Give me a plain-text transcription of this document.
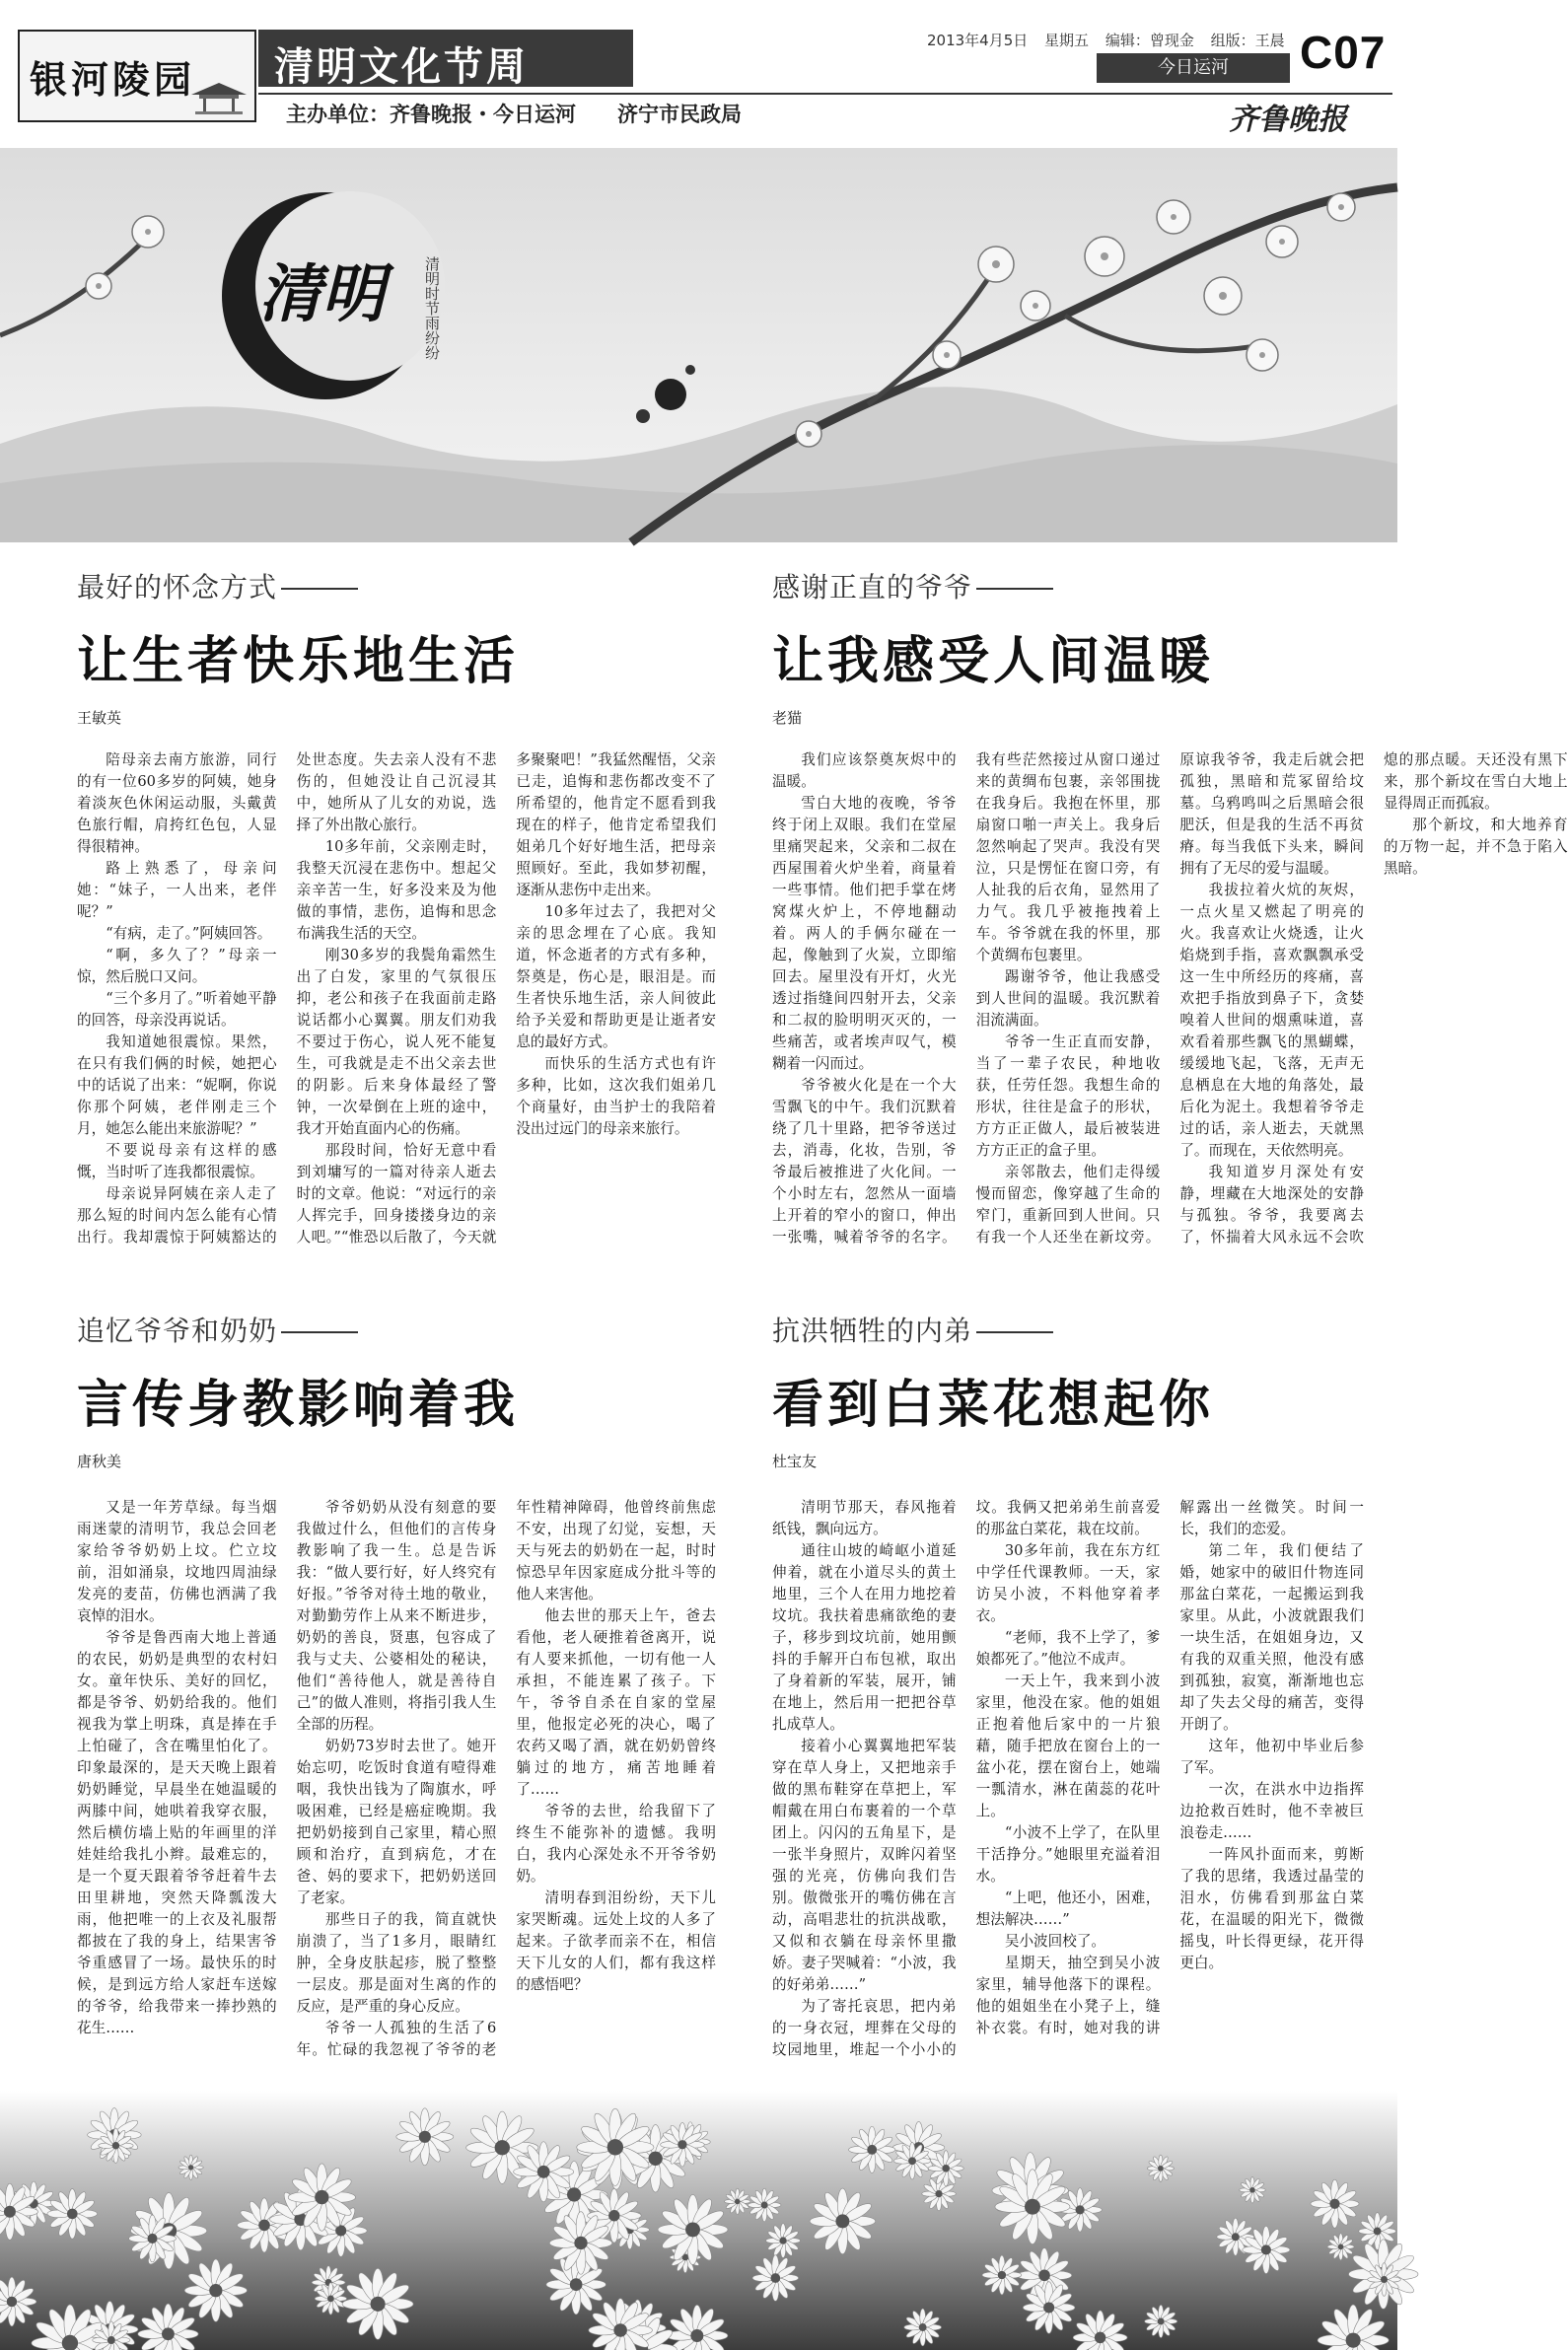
银河陵园 清明文化节周
主办单位：齐鲁晚报・今日运河　　济宁市民政局
2013年4月5日 星期五 编辑：曾现金 组版：王晨
今日运河	C07
齐鲁晚报
清明	清明时节雨纷纷
最好的怀念方式
让生者快乐地生活
王敏英

陪母亲去南方旅游，同行的有一位60多岁的阿姨，她身着淡灰色休闲运动服，头戴黄色旅行帽，肩挎红色包，人显得很精神。

路上熟悉了，母亲问她：“妹子，一人出来，老伴呢？”

“有病，走了。”阿姨回答。

“啊，多久了？”母亲一惊，然后脱口又问。

“三个多月了。”听着她平静的回答，母亲没再说话。

我知道她很震惊。果然，在只有我们俩的时候，她把心中的话说了出来：“妮啊，你说你那个阿姨，老伴刚走三个月，她怎么能出来旅游呢？”

不要说母亲有这样的感慨，当时听了连我都很震惊。

母亲说异阿姨在亲人走了那么短的时间内怎么能有心情出行。我却震惊于阿姨豁达的处世态度。失去亲人没有不悲伤的，但她没让自己沉浸其中，她所从了儿女的劝说，选择了外出散心旅行。

10多年前，父亲刚走时，我整天沉浸在悲伤中。想起父亲辛苦一生，好多没来及为他做的事情，悲伤，追悔和思念布满我生活的天空。

刚30多岁的我鬓角霜然生出了白发，家里的气氛很压抑，老公和孩子在我面前走路说话都小心翼翼。朋友们劝我不要过于伤心，说人死不能复生，可我就是走不出父亲去世的阴影。后来身体最经了警钟，一次晕倒在上班的途中，我才开始直面内心的伤痛。

那段时间，恰好无意中看到刘墉写的一篇对待亲人逝去时的文章。他说：“对远行的亲人挥完手，回身搂搂身边的亲人吧。”“惟恐以后散了，今天就多聚聚吧！”我猛然醒悟，父亲已走，追悔和悲伤都改变不了所希望的，他肯定不愿看到我现在的样子，他肯定希望我们姐弟几个好好地生活，把母亲照顾好。至此，我如梦初醒，逐渐从悲伤中走出来。

10多年过去了，我把对父亲的思念埋在了心底。我知道，怀念逝者的方式有多种，祭奠是，伤心是，眼泪是。而生者快乐地生活，亲人间彼此给予关爱和帮助更是让逝者安息的最好方式。

而快乐的生活方式也有许多种，比如，这次我们姐弟几个商量好，由当护士的我陪着没出过远门的母亲来旅行。

感谢正直的爷爷
让我感受人间温暖
老猫

我们应该祭奠灰烬中的温暖。

雪白大地的夜晚，爷爷终于闭上双眼。我们在堂屋里痛哭起来，父亲和二叔在西屋围着火炉坐着，商量着一些事情。他们把手掌在烤窝煤火炉上，不停地翻动着。两人的手俩尔碰在一起，像触到了火炭，立即缩回去。屋里没有开灯，火光透过指缝间四射开去，父亲和二叔的脸明明灭灭的，一些痛苦，或者埃声叹气，模糊着一闪而过。

爷爷被火化是在一个大雪飘飞的中午。我们沉默着绕了几十里路，把爷爷送过去，消毒，化妆，告别，爷爷最后被推进了火化间。一个小时左右，忽然从一面墙上开着的窄小的窗口，伸出一张嘴，喊着爷爷的名字。我有些茫然接过从窗口递过来的黄绸布包裹，亲邻围拢在我身后。我抱在怀里，那扇窗口啪一声关上。我身后忽然响起了哭声。我没有哭泣，只是愣怔在窗口旁，有人扯我的后衣角，显然用了力气。我几乎被拖拽着上车。爷爷就在我的怀里，那个黄绸布包裹里。

踢谢爷爷，他让我感受到人世间的温暖。我沉默着泪流满面。

爷爷一生正直而安静，当了一辈子农民，种地收获，任劳任怨。我想生命的形状，往往是盒子的形状，方方正正做人，最后被装进方方正正的盒子里。

亲邻散去，他们走得缓慢而留恋，像穿越了生命的窄门，重新回到人世间。只有我一个人还坐在新坟旁。原谅我爷爷，我走后就会把孤独，黑暗和荒冢留给坟墓。乌鸦鸣叫之后黑暗会很肥沃，但是我的生活不再贫瘠。每当我低下头来，瞬间拥有了无尽的爱与温暖。

我拔拉着火炕的灰烬，一点火星又燃起了明亮的火。我喜欢让火烧透，让火焰烧到手指，喜欢飘飘承受这一生中所经历的疼痛，喜欢把手指放到鼻子下，贪婪嗅着人世间的烟熏味道，喜欢看着那些飘飞的黑蝴蝶，缓缓地飞起，飞落，无声无息栖息在大地的角落处，最后化为泥土。我想着爷爷走过的话，亲人逝去，天就黑了。而现在，天依然明亮。

我知道岁月深处有安静，埋藏在大地深处的安静与孤独。爷爷，我要离去了，怀揣着大风永远不会吹熄的那点暖。天还没有黑下来，那个新坟在雪白大地上显得周正而孤寂。

那个新坟，和大地养育的万物一起，并不急于陷入黑暗。

追忆爷爷和奶奶
言传身教影响着我
唐秋美

又是一年芳草绿。每当烟雨迷蒙的清明节，我总会回老家给爷爷奶奶上坟。伫立坟前，泪如涌泉，坟地四周油绿发亮的麦苗，仿佛也洒满了我哀悼的泪水。

爷爷是鲁西南大地上普通的农民，奶奶是典型的农村妇女。童年快乐、美好的回忆，都是爷爷、奶奶给我的。他们视我为掌上明珠，真是捧在手上怕碰了，含在嘴里怕化了。印象最深的，是天天晚上跟着奶奶睡觉，早晨坐在她温暖的两膝中间，她哄着我穿衣服，然后横仿墙上贴的年画里的洋娃娃给我扎小辫。最难忘的，是一个夏天跟着爷爷赶着牛去田里耕地，突然天降瓢泼大雨，他把唯一的上衣及礼服帮都披在了我的身上，结果害爷爷重感冒了一场。最快乐的时候，是到远方给人家赶车送嫁的爷爷，给我带来一捧抄熟的花生……

爷爷奶奶从没有刻意的要我做过什么，但他们的言传身教影响了我一生。总是告诉我：“做人要行好，好人终究有好报。”爷爷对待土地的敬业，对勤勤劳作上从来不断进步，奶奶的善良，贤惠，包容成了我与丈夫、公婆相处的秘诀，他们“善待他人，就是善待自己”的做人准则，将指引我人生全部的历程。

奶奶73岁时去世了。她开始忘叨，吃饭时食道有噎得难咽，我快出钱为了陶旗水，呼吸困难，已经是癌症晚期。我把奶奶接到自己家里，精心照顾和治疗，直到病危，才在爸、妈的要求下，把奶奶送回了老家。

那些日子的我，简直就快崩溃了，当了1多月，眼睛红肿，全身皮肤起疹，脱了整整一层皮。那是面对生离的作的反应，是严重的身心反应。

爷爷一人孤独的生活了6年。忙碌的我忽视了爷爷的老年性精神障碍，他曾终前焦虑不安，出现了幻觉，妄想，天天与死去的奶奶在一起，时时惊恐早年因家庭成分批斗等的他人来害他。

他去世的那天上午，爸去看他，老人硬推着爸离开，说有人要来抓他，一切有他一人承担，不能连累了孩子。下午，爷爷自杀在自家的堂屋里，他报定必死的决心，喝了农药又喝了酒，就在奶奶曾终躺过的地方，痛苦地睡着了……

爷爷的去世，给我留下了终生不能弥补的遗憾。我明白，我内心深处永不开爷爷奶奶。

清明春到泪纷纷，天下儿家哭断魂。远处上坟的人多了起来。子欲孝而亲不在，相信天下儿女的人们，都有我这样的感悟吧？

抗洪牺牲的内弟
看到白菜花想起你
杜宝友

清明节那天，春风拖着纸钱，飘向远方。

通往山坡的崎岖小道延伸着，就在小道尽头的黄土地里，三个人在用力地挖着坟坑。我扶着患痛欲绝的妻子，移步到坟坑前，她用颤抖的手解开白布包袱，取出了身着新的军装，展开，铺在地上，然后用一把把谷草扎成草人。

接着小心翼翼地把军装穿在草人身上，又把地亲手做的黑布鞋穿在草把上，军帽戴在用白布裹着的一个草团上。闪闪的五角星下，是一张半身照片，双眸闪着坚强的光亮，仿佛向我们告别。傲微张开的嘴仿佛在言动，高唱悲壮的抗洪战歌，又似和衣躺在母亲怀里撒娇。妻子哭喊着：“小波，我的好弟弟……”

为了寄托哀思，把内弟的一身衣冠，埋葬在父母的坟园地里，堆起一个小小的坟。我俩又把弟弟生前喜爱的那盆白菜花，栽在坟前。

30多年前，我在东方红中学任代课教师。一天，家访吴小波，不料他穿着孝衣。

“老师，我不上学了，爹娘都死了。”他泣不成声。

一天上午，我来到小波家里，他没在家。他的姐姐正抱着他后家中的一片狼藉，随手把放在窗台上的一盆小花，摆在窗台上，她端一瓢清水，淋在菌蕊的花叶上。

“小波不上学了，在队里干活挣分。”她眼里充溢着泪水。

“上吧，他还小，困难，想法解决……”

吴小波回校了。

星期天，抽空到吴小波家里，辅导他落下的课程。他的姐姐坐在小凳子上，缝补衣裳。有时，她对我的讲解露出一丝微笑。时间一长，我们的恋爱。

第二年，我们便结了婚，她家中的破旧什物连同那盆白菜花，一起搬运到我家里。从此，小波就跟我们一块生活，在姐姐身边，又有我的双重关照，他没有感到孤独，寂寞，渐渐地也忘却了失去父母的痛苦，变得开朗了。

这年，他初中毕业后参了军。

一次，在洪水中边指挥边抢救百姓时，他不幸被巨浪卷走……

一阵风扑面而来，剪断了我的思绪，我透过晶莹的泪水，仿佛看到那盆白菜花，在温暖的阳光下，微微摇曳，叶长得更绿，花开得更白。
